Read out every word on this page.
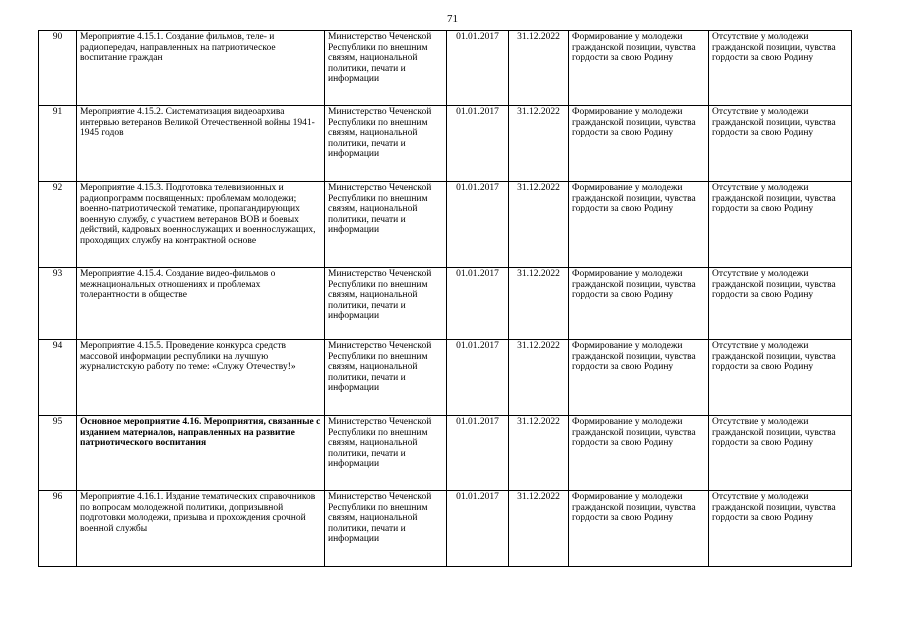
71
90	Мероприятие 4.15.1. Создание фильмов, теле- и радиопередач, направленных на патриотическое воспитание граждан	Министерство Чеченской Республики по внешним связям, национальной политики, печати и информации	01.01.2017	31.12.2022	Формирование у молодежи гражданской позиции, чувства гордости за свою Родину	Отсутствие у молодежи гражданской позиции, чувства гордости за свою Родину
91	Мероприятие 4.15.2. Систематизация видеоархива интервью ветеранов Великой Отечественной войны 1941-1945 годов	Министерство Чеченской Республики по внешним связям, национальной политики, печати и информации	01.01.2017	31.12.2022	Формирование у молодежи гражданской позиции, чувства гордости за свою Родину	Отсутствие у молодежи гражданской позиции, чувства гордости за свою Родину
92	Мероприятие 4.15.3. Подготовка телевизионных и радиопрограмм посвященных: проблемам молодежи; военно-патриотической тематике, пропагандирующих военную службу, с участием ветеранов ВОВ и боевых действий, кадровых военнослужащих и военнослужащих, проходящих службу на контрактной основе	Министерство Чеченской Республики по внешним связям, национальной политики, печати и информации	01.01.2017	31.12.2022	Формирование у молодежи гражданской позиции, чувства гордости за свою Родину	Отсутствие у молодежи гражданской позиции, чувства гордости за свою Родину
93	Мероприятие 4.15.4. Создание видео-фильмов о межнациональных отношениях и проблемах толерантности в обществе	Министерство Чеченской Республики по внешним связям, национальной политики, печати и информации	01.01.2017	31.12.2022	Формирование у молодежи гражданской позиции, чувства гордости за свою Родину	Отсутствие у молодежи гражданской позиции, чувства гордости за свою Родину
94	Мероприятие 4.15.5. Проведение конкурса средств массовой информации республики на лучшую журналистскую работу по теме: «Служу Отечеству!»	Министерство Чеченской Республики по внешним связям, национальной политики, печати и информации	01.01.2017	31.12.2022	Формирование у молодежи гражданской позиции, чувства гордости за свою Родину	Отсутствие у молодежи гражданской позиции, чувства гордости за свою Родину
95	Основное мероприятие 4.16. Мероприятия, связанные с изданием материалов, направленных на развитие патриотического воспитания	Министерство Чеченской Республики по внешним связям, национальной политики, печати и информации	01.01.2017	31.12.2022	Формирование у молодежи гражданской позиции, чувства гордости за свою Родину	Отсутствие у молодежи гражданской позиции, чувства гордости за свою Родину
96	Мероприятие 4.16.1. Издание тематических справочников по вопросам молодежной политики, допризывной подготовки молодежи, призыва и прохождения срочной военной службы	Министерство Чеченской Республики по внешним связям, национальной политики, печати и информации	01.01.2017	31.12.2022	Формирование у молодежи гражданской позиции, чувства гордости за свою Родину	Отсутствие у молодежи гражданской позиции, чувства гордости за свою Родину
